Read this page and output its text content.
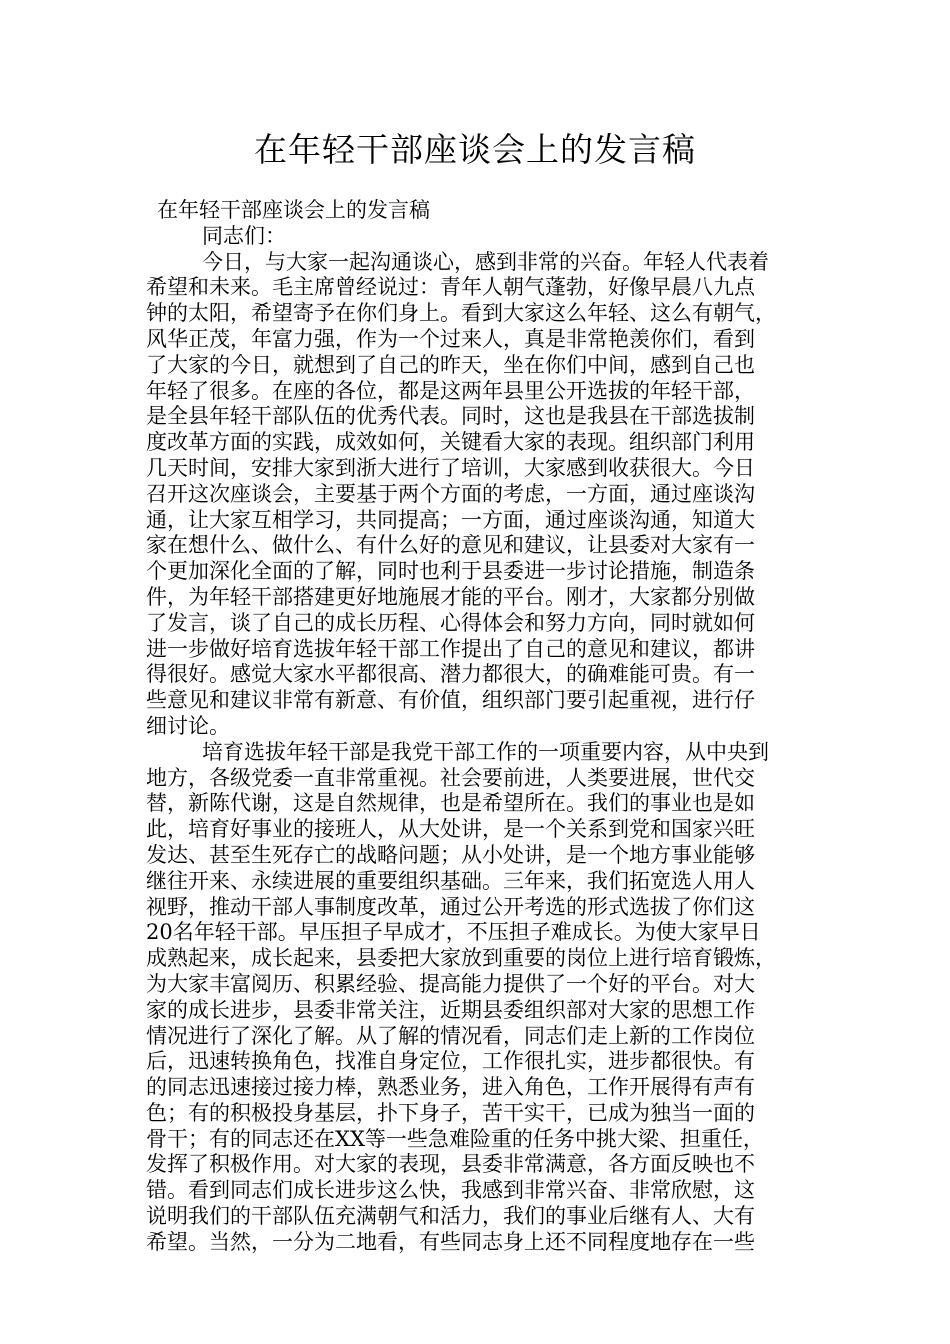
在年轻干部座谈会上的发言稿
在年轻干部座谈会上的发言稿
同志们：
今日，与大家一起沟通谈心，感到非常的兴奋。年轻人代表着
希望和未来。毛主席曾经说过：青年人朝气蓬勃，好像早晨八九点
钟的太阳，希望寄予在你们身上。看到大家这么年轻、这么有朝气，
风华正茂，年富力强，作为一个过来人，真是非常艳羡你们，看到
了大家的今日，就想到了自己的昨天，坐在你们中间，感到自己也
年轻了很多。在座的各位，都是这两年县里公开选拔的年轻干部，
是全县年轻干部队伍的优秀代表。同时，这也是我县在干部选拔制
度改革方面的实践，成效如何，关键看大家的表现。组织部门利用
几天时间，安排大家到浙大进行了培训，大家感到收获很大。今日
召开这次座谈会，主要基于两个方面的考虑，一方面，通过座谈沟
通，让大家互相学习，共同提高；一方面，通过座谈沟通，知道大
家在想什么、做什么、有什么好的意见和建议，让县委对大家有一
个更加深化全面的了解，同时也利于县委进一步讨论措施，制造条
件，为年轻干部搭建更好地施展才能的平台。刚才，大家都分别做
了发言，谈了自己的成长历程、心得体会和努力方向，同时就如何
进一步做好培育选拔年轻干部工作提出了自己的意见和建议，都讲
得很好。感觉大家水平都很高、潜力都很大，的确难能可贵。有一
些意见和建议非常有新意、有价值，组织部门要引起重视，进行仔
细讨论。
培育选拔年轻干部是我党干部工作的一项重要内容，从中央到
地方，各级党委一直非常重视。社会要前进，人类要进展，世代交
替，新陈代谢，这是自然规律，也是希望所在。我们的事业也是如
此，培育好事业的接班人，从大处讲，是一个关系到党和国家兴旺
发达、甚至生死存亡的战略问题；从小处讲，是一个地方事业能够
继往开来、永续进展的重要组织基础。三年来，我们拓宽选人用人
视野，推动干部人事制度改革，通过公开考选的形式选拔了你们这
20名年轻干部。早压担子早成才，不压担子难成长。为使大家早日
成熟起来，成长起来，县委把大家放到重要的岗位上进行培育锻炼，
为大家丰富阅历、积累经验、提高能力提供了一个好的平台。对大
家的成长进步，县委非常关注，近期县委组织部对大家的思想工作
情况进行了深化了解。从了解的情况看，同志们走上新的工作岗位
后，迅速转换角色，找准自身定位，工作很扎实，进步都很快。有
的同志迅速接过接力棒，熟悉业务，进入角色，工作开展得有声有
色；有的积极投身基层，扑下身子，苦干实干，已成为独当一面的
骨干；有的同志还在XX等一些急难险重的任务中挑大梁、担重任，
发挥了积极作用。对大家的表现，县委非常满意，各方面反映也不
错。看到同志们成长进步这么快，我感到非常兴奋、非常欣慰，这
说明我们的干部队伍充满朝气和活力，我们的事业后继有人、大有
希望。当然，一分为二地看，有些同志身上还不同程度地存在一些
